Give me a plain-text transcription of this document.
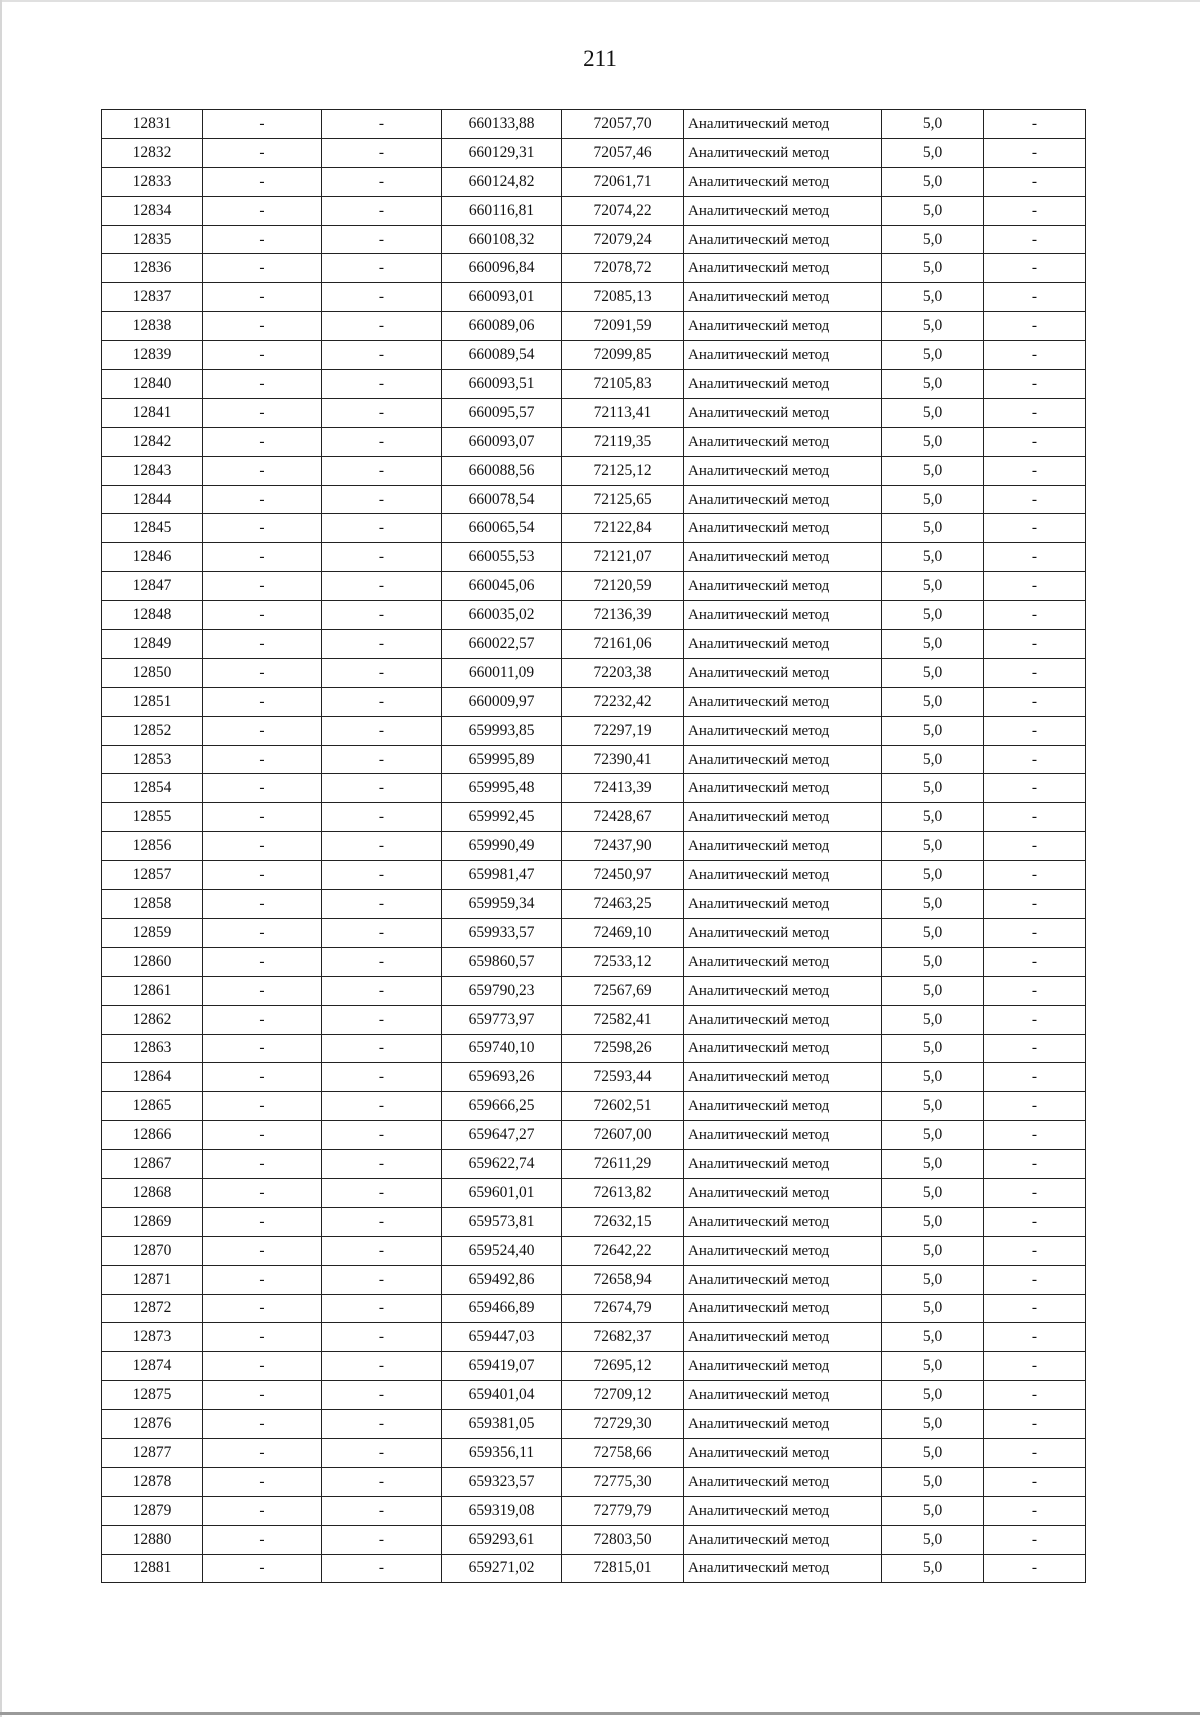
211
12831	-	-	660133,88	72057,70	Аналитический метод	5,0	-
12832	-	-	660129,31	72057,46	Аналитический метод	5,0	-
12833	-	-	660124,82	72061,71	Аналитический метод	5,0	-
12834	-	-	660116,81	72074,22	Аналитический метод	5,0	-
12835	-	-	660108,32	72079,24	Аналитический метод	5,0	-
12836	-	-	660096,84	72078,72	Аналитический метод	5,0	-
12837	-	-	660093,01	72085,13	Аналитический метод	5,0	-
12838	-	-	660089,06	72091,59	Аналитический метод	5,0	-
12839	-	-	660089,54	72099,85	Аналитический метод	5,0	-
12840	-	-	660093,51	72105,83	Аналитический метод	5,0	-
12841	-	-	660095,57	72113,41	Аналитический метод	5,0	-
12842	-	-	660093,07	72119,35	Аналитический метод	5,0	-
12843	-	-	660088,56	72125,12	Аналитический метод	5,0	-
12844	-	-	660078,54	72125,65	Аналитический метод	5,0	-
12845	-	-	660065,54	72122,84	Аналитический метод	5,0	-
12846	-	-	660055,53	72121,07	Аналитический метод	5,0	-
12847	-	-	660045,06	72120,59	Аналитический метод	5,0	-
12848	-	-	660035,02	72136,39	Аналитический метод	5,0	-
12849	-	-	660022,57	72161,06	Аналитический метод	5,0	-
12850	-	-	660011,09	72203,38	Аналитический метод	5,0	-
12851	-	-	660009,97	72232,42	Аналитический метод	5,0	-
12852	-	-	659993,85	72297,19	Аналитический метод	5,0	-
12853	-	-	659995,89	72390,41	Аналитический метод	5,0	-
12854	-	-	659995,48	72413,39	Аналитический метод	5,0	-
12855	-	-	659992,45	72428,67	Аналитический метод	5,0	-
12856	-	-	659990,49	72437,90	Аналитический метод	5,0	-
12857	-	-	659981,47	72450,97	Аналитический метод	5,0	-
12858	-	-	659959,34	72463,25	Аналитический метод	5,0	-
12859	-	-	659933,57	72469,10	Аналитический метод	5,0	-
12860	-	-	659860,57	72533,12	Аналитический метод	5,0	-
12861	-	-	659790,23	72567,69	Аналитический метод	5,0	-
12862	-	-	659773,97	72582,41	Аналитический метод	5,0	-
12863	-	-	659740,10	72598,26	Аналитический метод	5,0	-
12864	-	-	659693,26	72593,44	Аналитический метод	5,0	-
12865	-	-	659666,25	72602,51	Аналитический метод	5,0	-
12866	-	-	659647,27	72607,00	Аналитический метод	5,0	-
12867	-	-	659622,74	72611,29	Аналитический метод	5,0	-
12868	-	-	659601,01	72613,82	Аналитический метод	5,0	-
12869	-	-	659573,81	72632,15	Аналитический метод	5,0	-
12870	-	-	659524,40	72642,22	Аналитический метод	5,0	-
12871	-	-	659492,86	72658,94	Аналитический метод	5,0	-
12872	-	-	659466,89	72674,79	Аналитический метод	5,0	-
12873	-	-	659447,03	72682,37	Аналитический метод	5,0	-
12874	-	-	659419,07	72695,12	Аналитический метод	5,0	-
12875	-	-	659401,04	72709,12	Аналитический метод	5,0	-
12876	-	-	659381,05	72729,30	Аналитический метод	5,0	-
12877	-	-	659356,11	72758,66	Аналитический метод	5,0	-
12878	-	-	659323,57	72775,30	Аналитический метод	5,0	-
12879	-	-	659319,08	72779,79	Аналитический метод	5,0	-
12880	-	-	659293,61	72803,50	Аналитический метод	5,0	-
12881	-	-	659271,02	72815,01	Аналитический метод	5,0	-
